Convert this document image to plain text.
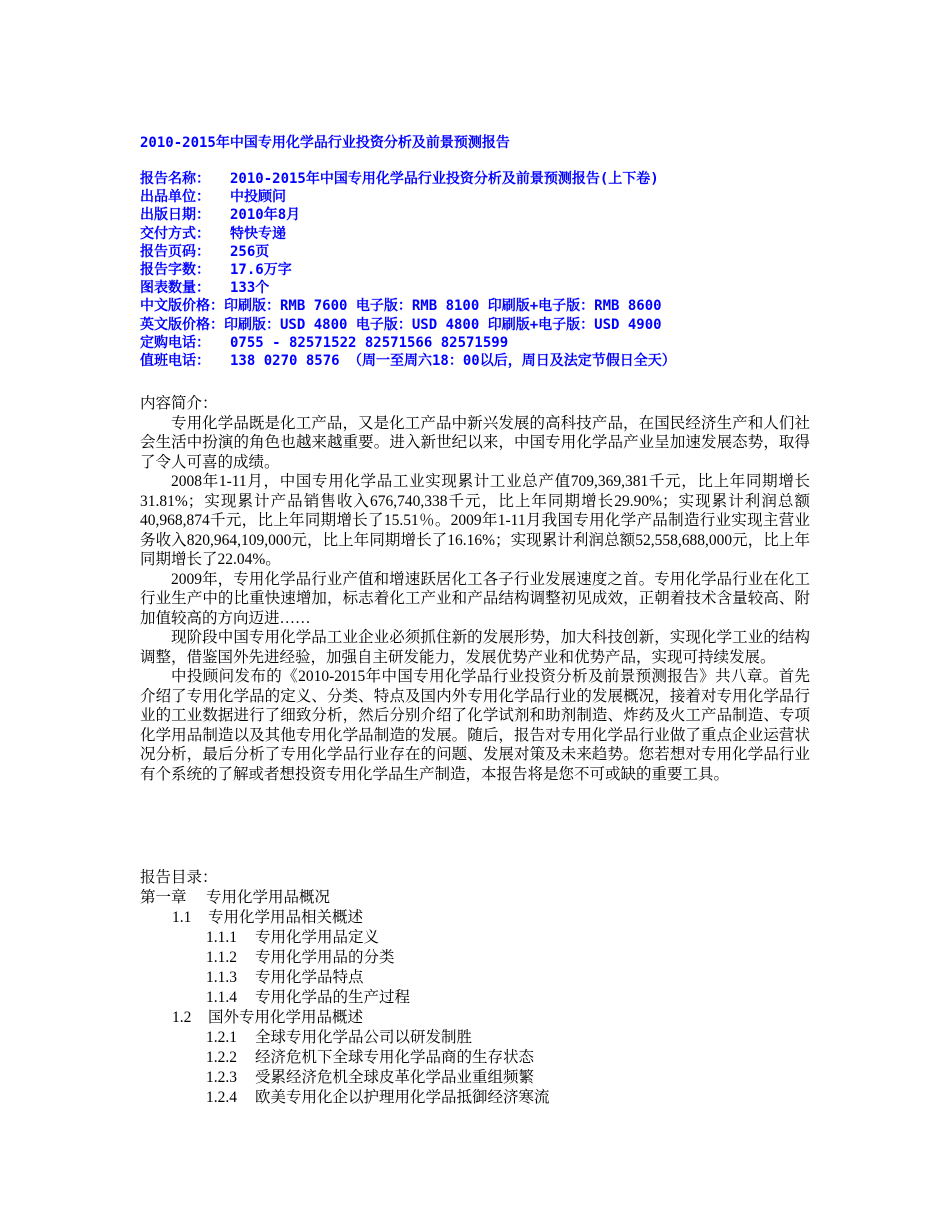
2010-2015年中国专用化学品行业投资分析及前景预测报告
报告名称：	2010-2015年中国专用化学品行业投资分析及前景预测报告(上下卷)
出品单位：	中投顾问
出版日期：	2010年8月
交付方式：	特快专递
报告页码：	256页
报告字数：	17.6万字
图表数量：	133个
中文版价格： 印刷版：RMB 7600 电子版：RMB 8100 印刷版+电子版：RMB 8600
英文版价格： 印刷版：USD 4800 电子版：USD 4800 印刷版+电子版：USD 4900
定购电话：	0755 - 82571522 82571566 82571599
值班电话：	138 0270 8576 （周一至周六18：00以后，周日及法定节假日全天）

内容简介：

专用化学品既是化工产品，又是化工产品中新兴发展的高科技产品，在国民经济生产和人们社会生活中扮演的角色也越来越重要。进入新世纪以来，中国专用化学品产业呈加速发展态势，取得了令人可喜的成绩。

2008年1-11月，中国专用化学品工业实现累计工业总产值709,369,381千元，比上年同期增长31.81%；实现累计产品销售收入676,740,338千元，比上年同期增长29.90%；实现累计利润总额40,968,874千元，比上年同期增长了15.51％。2009年1-11月我国专用化学产品制造行业实现主营业务收入820,964,109,000元，比上年同期增长了16.16%；实现累计利润总额52,558,688,000元，比上年同期增长了22.04%。

2009年，专用化学品行业产值和增速跃居化工各子行业发展速度之首。专用化学品行业在化工行业生产中的比重快速增加，标志着化工产业和产品结构调整初见成效，正朝着技术含量较高、附加值较高的方向迈进……

现阶段中国专用化学品工业企业必须抓住新的发展形势，加大科技创新，实现化学工业的结构调整，借鉴国外先进经验，加强自主研发能力，发展优势产业和优势产品，实现可持续发展。

中投顾问发布的《2010-2015年中国专用化学品行业投资分析及前景预测报告》共八章。首先介绍了专用化学品的定义、分类、特点及国内外专用化学品行业的发展概况，接着对专用化学品行业的工业数据进行了细致分析，然后分别介绍了化学试剂和助剂制造、炸药及火工产品制造、专项化学用品制造以及其他专用化学品制造的发展。随后，报告对专用化学品行业做了重点企业运营状况分析，最后分析了专用化学品行业存在的问题、发展对策及未来趋势。您若想对专用化学品行业有个系统的了解或者想投资专用化学品生产制造，本报告将是您不可或缺的重要工具。

报告目录：
第一章 专用化学用品概况
1.1 专用化学用品相关概述
1.1.1 专用化学用品定义
1.1.2 专用化学用品的分类
1.1.3 专用化学品特点
1.1.4 专用化学品的生产过程
1.2 国外专用化学用品概述
1.2.1 全球专用化学品公司以研发制胜
1.2.2 经济危机下全球专用化学品商的生存状态
1.2.3 受累经济危机全球皮革化学品业重组频繁
1.2.4 欧美专用化企以护理用化学品抵御经济寒流
